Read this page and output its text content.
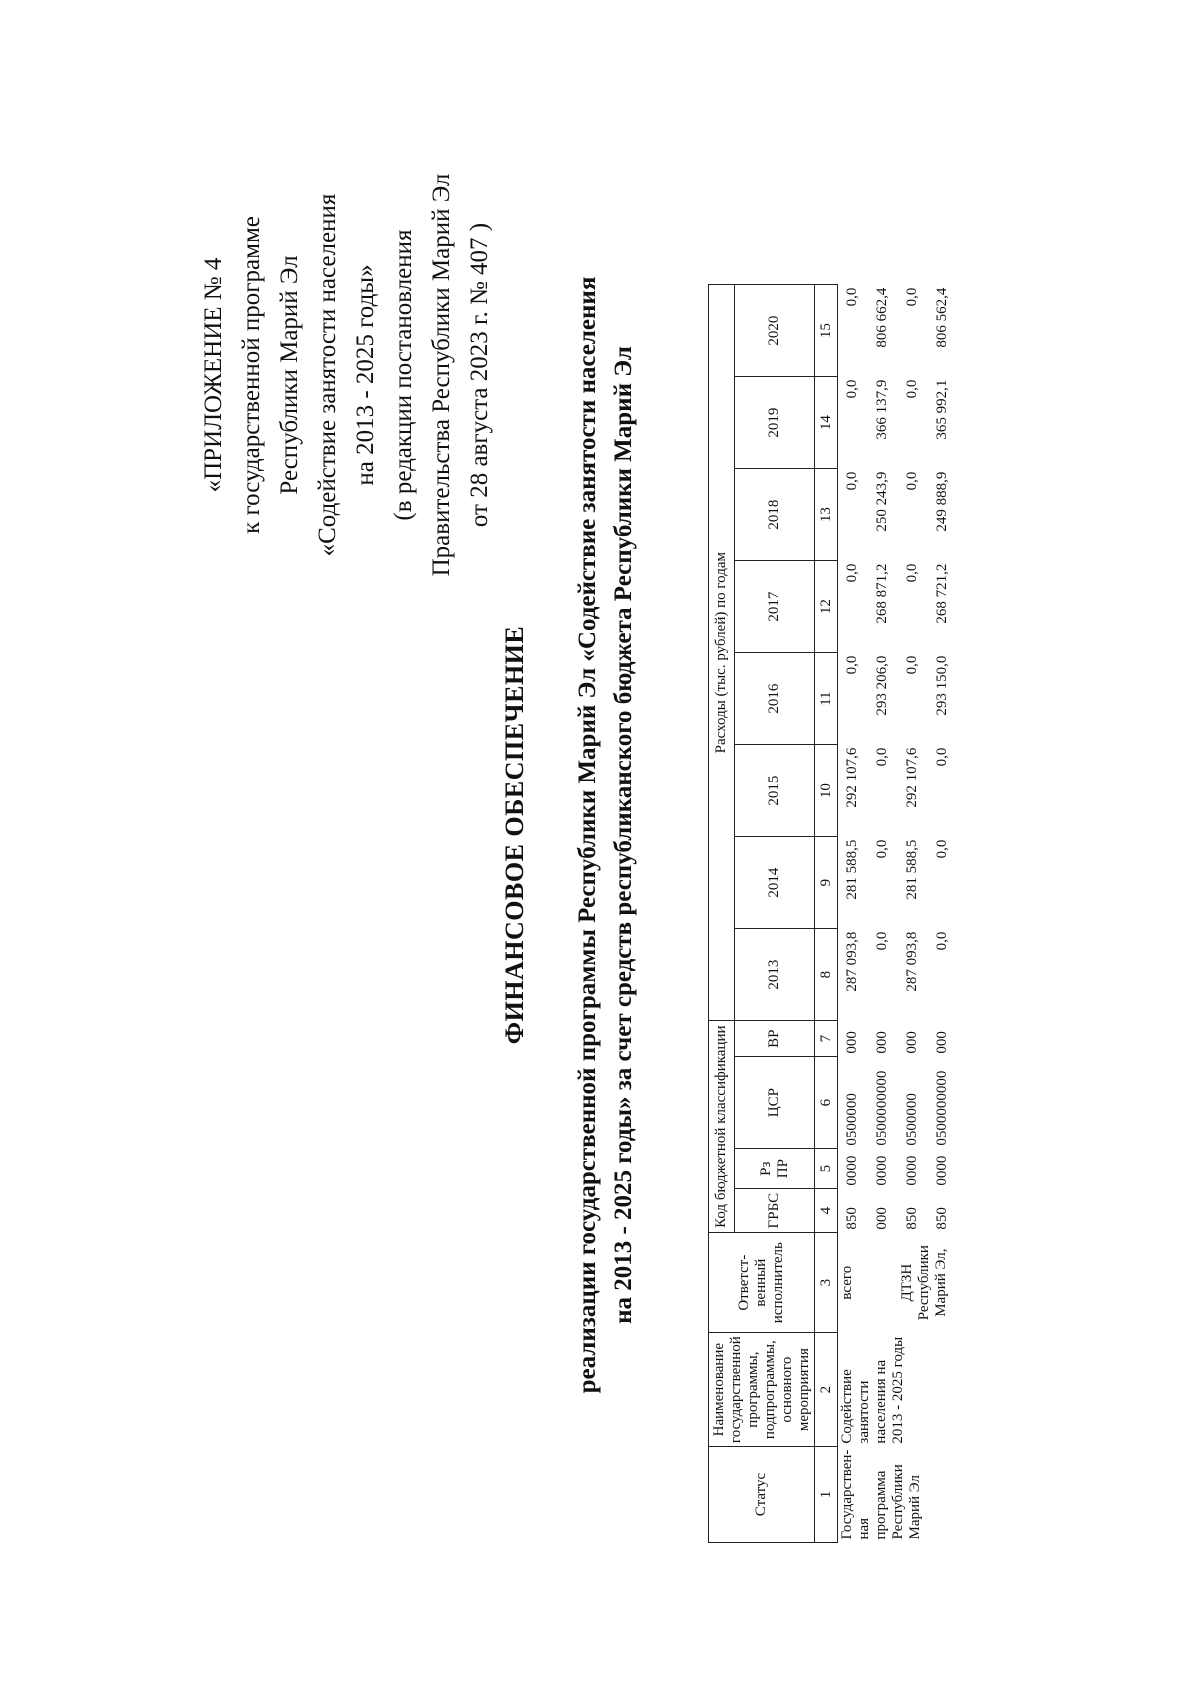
«ПРИЛОЖЕНИЕ № 4 к государственной программе Республики Марий Эл «Содействие занятости населения на 2013 - 2025 годы» (в редакции постановления Правительства Республики Марий Эл от 28 августа 2023 г. № 407 )
ФИНАНСОВОЕ ОБЕСПЕЧЕНИЕ реализации государственной программы Республики Марий Эл «Содействие занятости населения на 2013 - 2025 годы» за счет средств республиканского бюджета Республики Марий Эл
Статус	Наименование государственной программы, подпрограммы, основного мероприятия	Ответст-венный исполнитель	Код бюджетной классификации				Расходы (тыс. рублей) по годам							
			ГРБС	Рз ПР	ЦСР	ВР	2013	2014	2015	2016	2017	2018	2019	2020
1	2	3	4	5	6	7	8	9	10	11	12	13	14	15
Государствен-ная программа Республики Марий Эл	Содействие занятости населения на 2013 - 2025 годы	всего	850	0000	0500000	000	287 093,8	281 588,5	292 107,6	0,0	0,0	0,0	0,0	0,0
			000	0000	0500000000	000	0,0	0,0	0,0	293 206,0	268 871,2	250 243,9	366 137,9	806 662,4
		ДТЗН Республики Марий Эл,	850	0000	0500000	000	287 093,8	281 588,5	292 107,6	0,0	0,0	0,0	0,0	0,0
			850	0000	0500000000	000	0,0	0,0	0,0	293 150,0	268 721,2	249 888,9	365 992,1	806 562,4
